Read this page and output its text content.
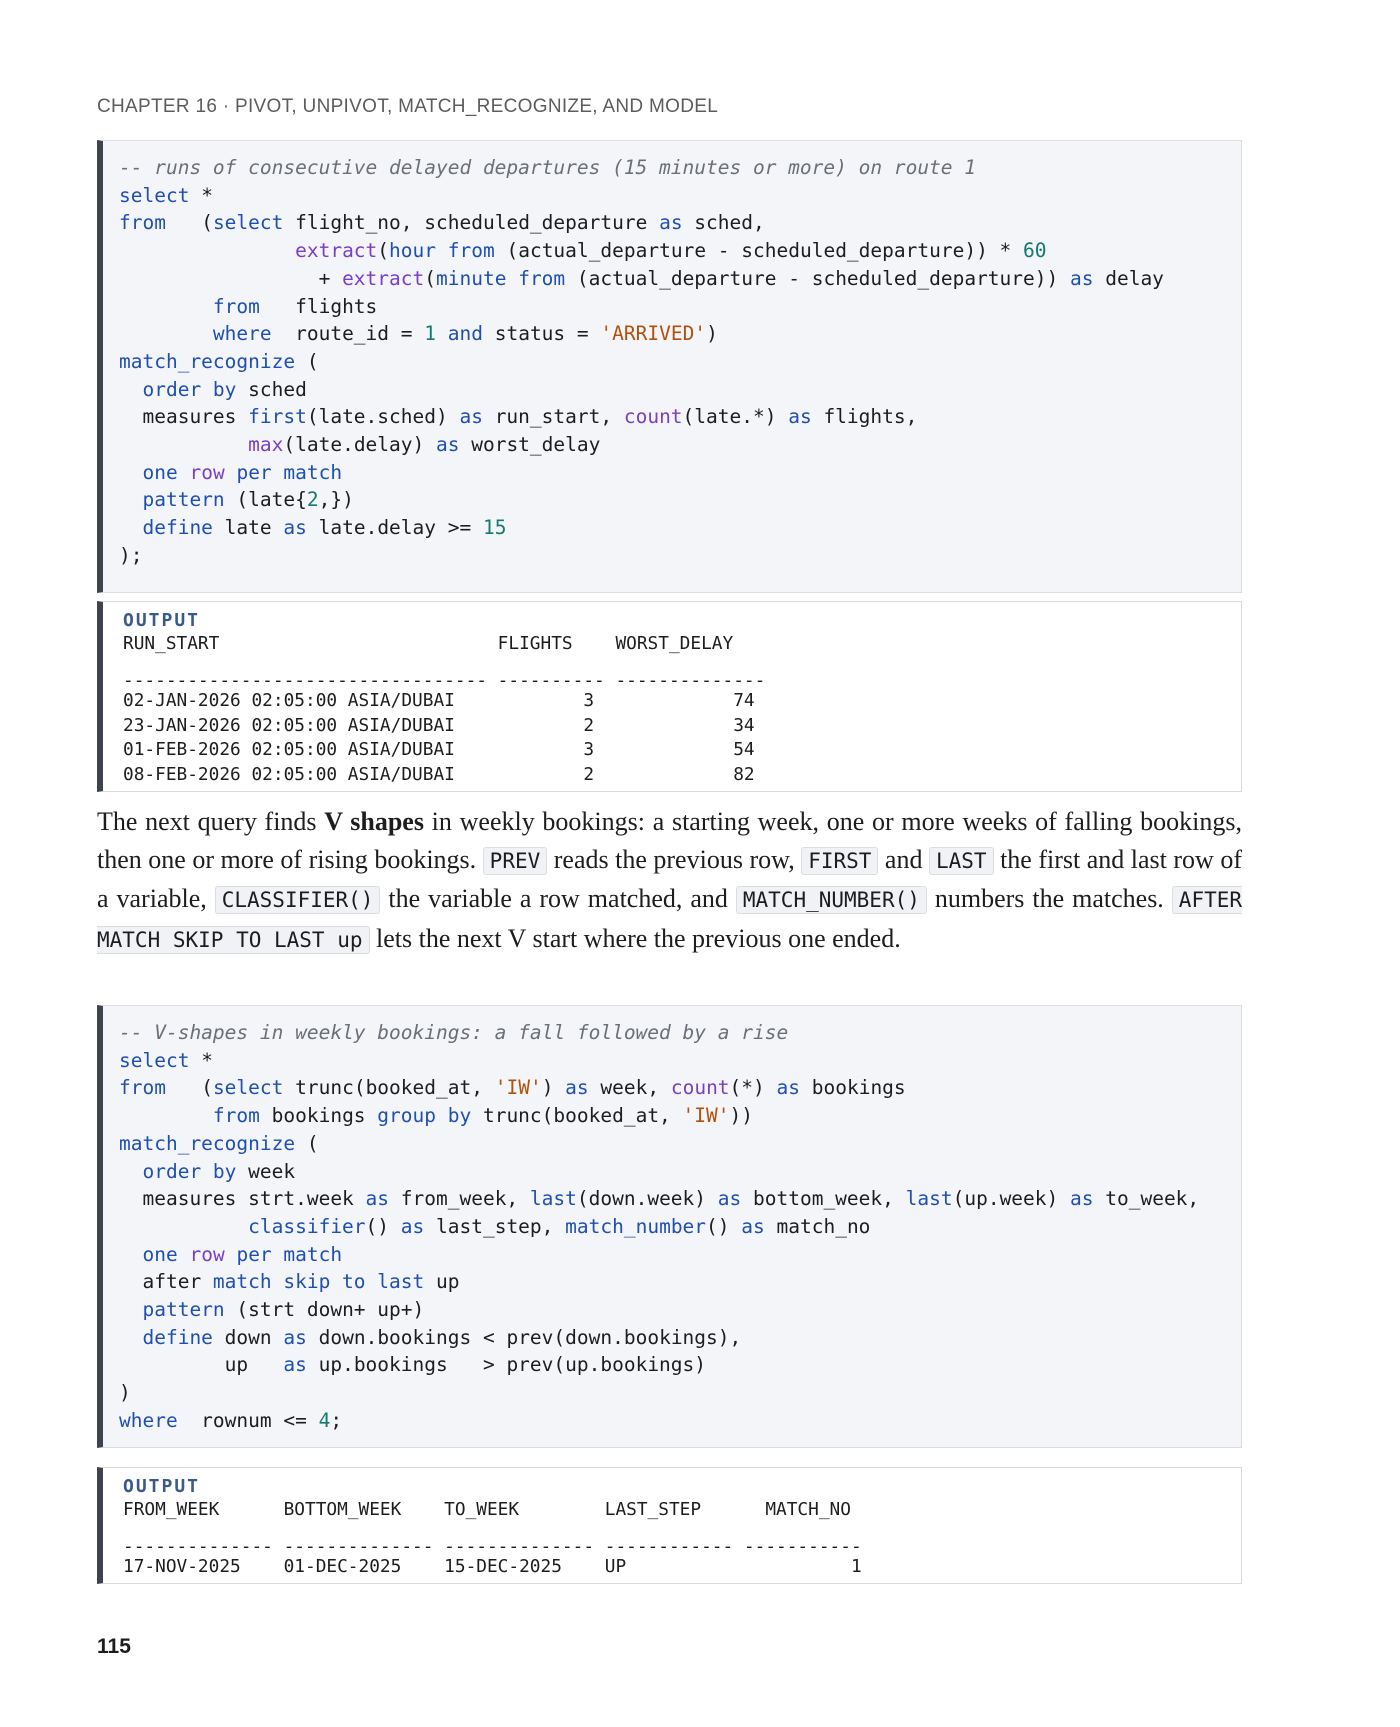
CHAPTER 16 · PIVOT, UNPIVOT, MATCH_RECOGNIZE, AND MODEL
-- runs of consecutive delayed departures (15 minutes or more) on route 1
select *
from   (select flight_no, scheduled_departure as sched,
extract(hour from (actual_departure - scheduled_departure)) * 60
+ extract(minute from (actual_departure - scheduled_departure)) as delay
from   flights
where  route_id = 1 and status = 'ARRIVED')
match_recognize (
order by sched
measures first(late.sched) as run_start, count(late.*) as flights,
max(late.delay) as worst_delay
one row per match
pattern (late{2,})
define late as late.delay >= 15
);
OUTPUT
RUN_START                          FLIGHTS    WORST_DELAY
---------------------------------- ---------- --------------
02-JAN-2026 02:05:00 ASIA/DUBAI            3             74
23-JAN-2026 02:05:00 ASIA/DUBAI            2             34
01-FEB-2026 02:05:00 ASIA/DUBAI            3             54
08-FEB-2026 02:05:00 ASIA/DUBAI            2             82
The next query finds V shapes in weekly bookings: a starting week, one or more weeks of falling bookings, then one or more of rising bookings. PREV reads the previous row, FIRST and LAST the first and last row of a variable, CLASSIFIER() the variable a row matched, and MATCH_NUMBER() numbers the matches. AFTER MATCH SKIP TO LAST up lets the next V start where the previous one ended.
-- V-shapes in weekly bookings: a fall followed by a rise
select *
from   (select trunc(booked_at, 'IW') as week, count(*) as bookings
from bookings group by trunc(booked_at, 'IW'))
match_recognize (
order by week
measures strt.week as from_week, last(down.week) as bottom_week, last(up.week) as to_week,
classifier() as last_step, match_number() as match_no
one row per match
after match skip to last up
pattern (strt down+ up+)
define down as down.bookings < prev(down.bookings),
up   as up.bookings   > prev(up.bookings)
)
where  rownum <= 4;
OUTPUT
FROM_WEEK      BOTTOM_WEEK    TO_WEEK        LAST_STEP      MATCH_NO
-------------- -------------- -------------- ------------ -----------
17-NOV-2025    01-DEC-2025    15-DEC-2025    UP                     1
115
